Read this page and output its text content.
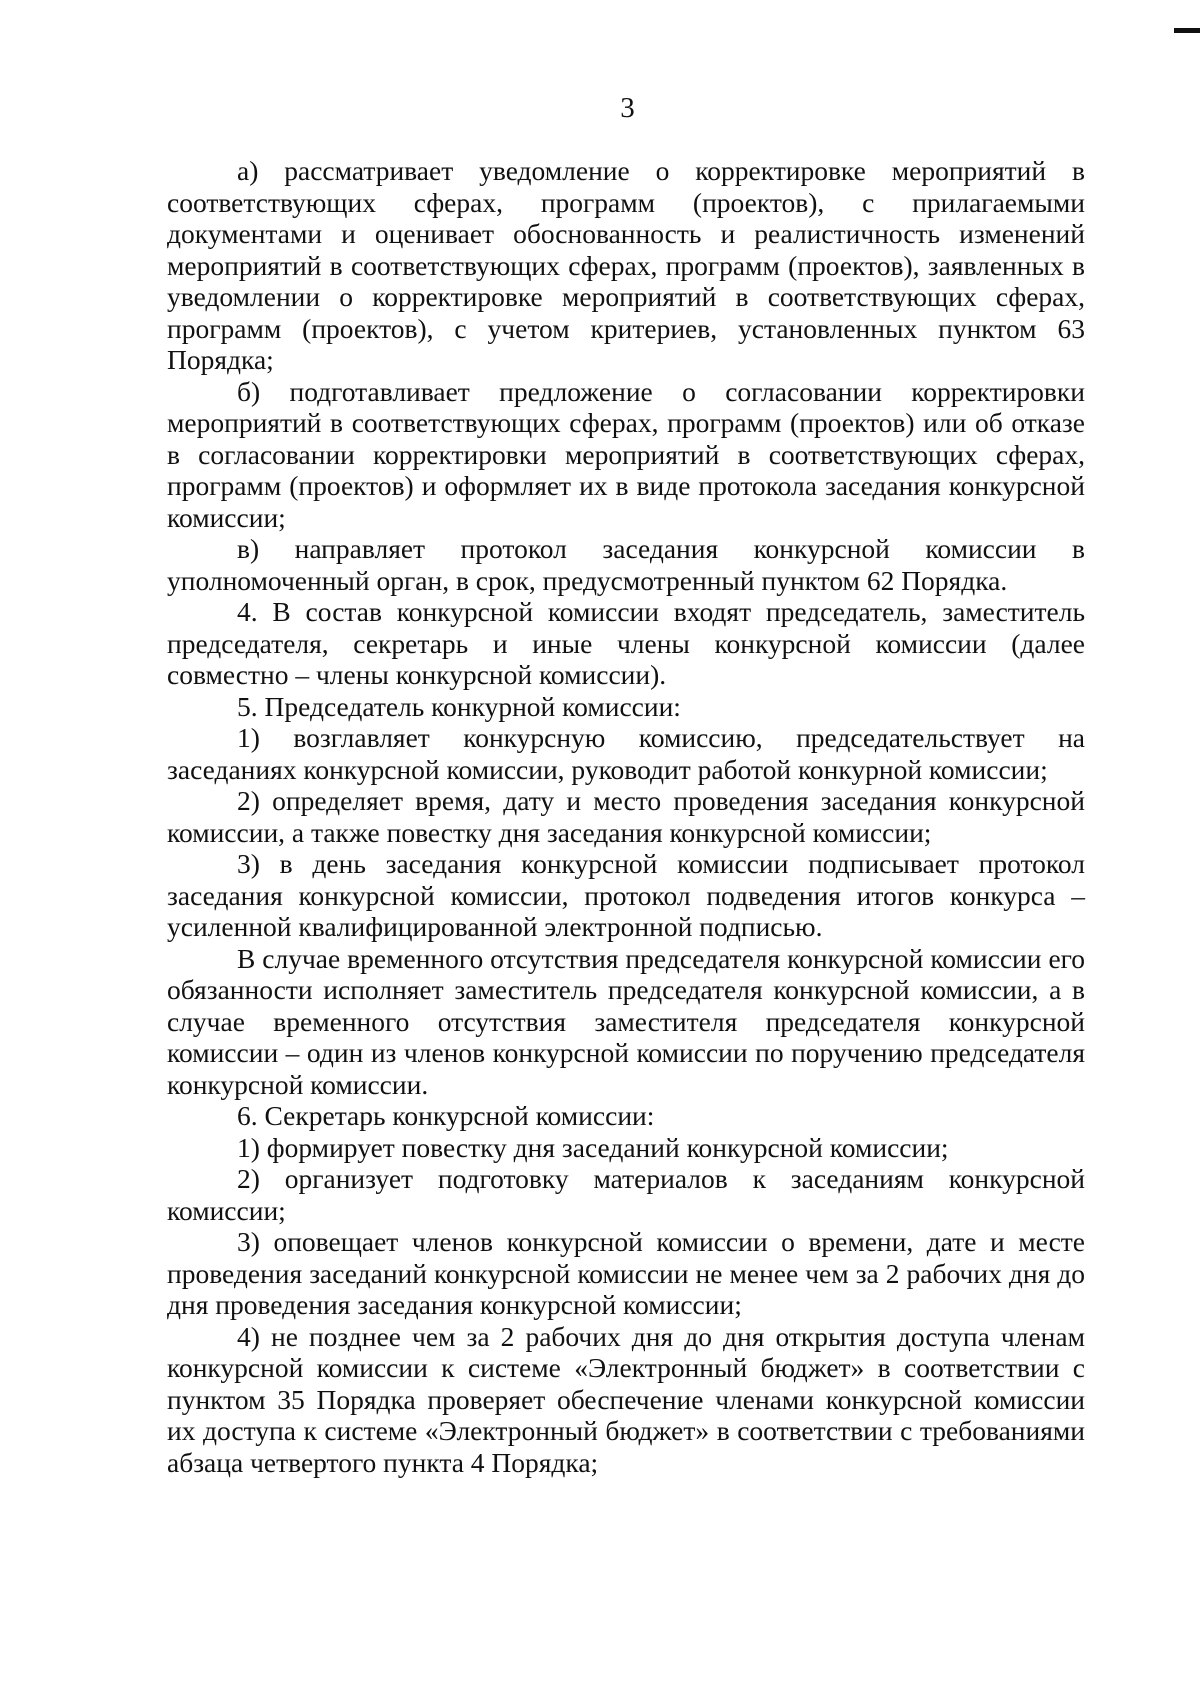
3

а) рассматривает уведомление о корректировке мероприятий в соответствующих сферах, программ (проектов), с прилагаемыми документами и оценивает обоснованность и реалистичность изменений мероприятий в соответствующих сферах, программ (проектов), заявленных в уведомлении о корректировке мероприятий в соответствующих сферах, программ (проектов), с учетом критериев, установленных пунктом 63 Порядка;

б) подготавливает предложение о согласовании корректировки мероприятий в соответствующих сферах, программ (проектов) или об отказе в согласовании корректировки мероприятий в соответствующих сферах, программ (проектов) и оформляет их в виде протокола заседания конкурсной комиссии;

в) направляет протокол заседания конкурсной комиссии в уполномоченный орган, в срок, предусмотренный пунктом 62 Порядка.

4. В состав конкурсной комиссии входят председатель, заместитель председателя, секретарь и иные члены конкурсной комиссии (далее совместно – члены конкурсной комиссии).

5. Председатель конкурной комиссии:

1) возглавляет конкурсную комиссию, председательствует на заседаниях конкурсной комиссии, руководит работой конкурной комиссии;

2) определяет время, дату и место проведения заседания конкурсной комиссии, а также повестку дня заседания конкурсной комиссии;

3) в день заседания конкурсной комиссии подписывает протокол заседания конкурсной комиссии, протокол подведения итогов конкурса – усиленной квалифицированной электронной подписью.

В случае временного отсутствия председателя конкурсной комиссии его обязанности исполняет заместитель председателя конкурсной комиссии, а в случае временного отсутствия заместителя председателя конкурсной комиссии – один из членов конкурсной комиссии по поручению председателя конкурсной комиссии.

6. Секретарь конкурсной комиссии:

1) формирует повестку дня заседаний конкурсной комиссии;

2) организует подготовку материалов к заседаниям конкурсной комиссии;

3) оповещает членов конкурсной комиссии о времени, дате и месте проведения заседаний конкурсной комиссии не менее чем за 2 рабочих дня до дня проведения заседания конкурсной комиссии;

4) не позднее чем за 2 рабочих дня до дня открытия доступа членам конкурсной комиссии к системе «Электронный бюджет» в соответствии с пунктом 35 Порядка проверяет обеспечение членами конкурсной комиссии их доступа к системе «Электронный бюджет» в соответствии с требованиями абзаца четвертого пункта 4 Порядка;
